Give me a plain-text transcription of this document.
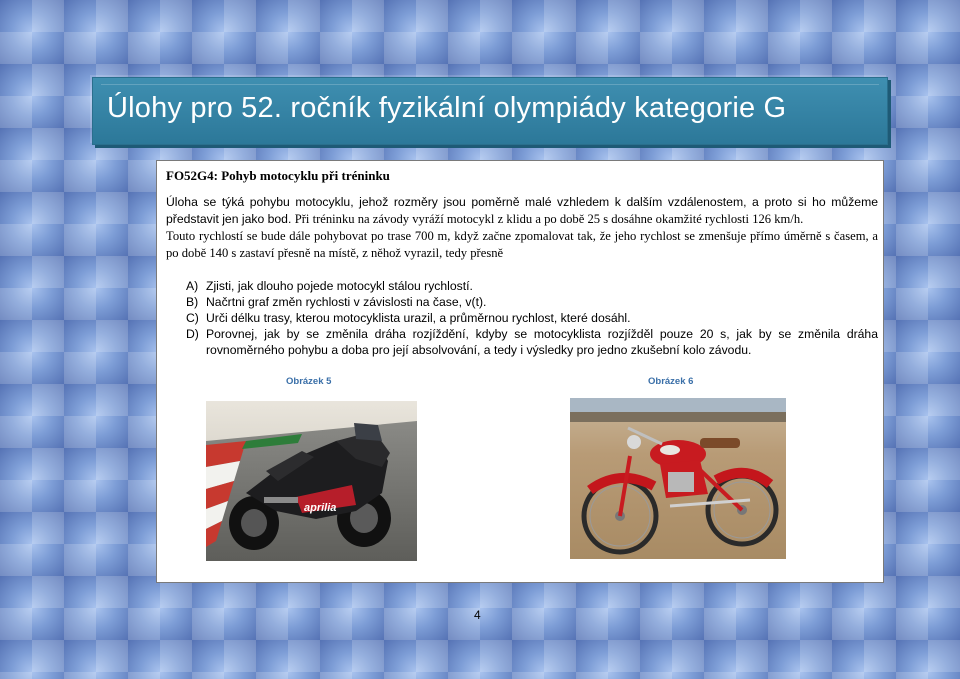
Úlohy pro 52. ročník fyzikální olympiády kategorie G

FO52G4: Pohyb motocyklu při tréninku

Úloha se týká pohybu motocyklu, jehož rozměry jsou poměrně malé vzhledem k dalším vzdálenostem, a proto si ho můžeme představit jen jako bod. Při tréninku na závody vyráží motocykl z klidu a po době 25 s dosáhne okamžité rychlosti 126 km/h.

Touto rychlostí se bude dále pohybovat po trase 700 m, když začne zpomalovat tak, že jeho rychlost se zmenšuje přímo úměrně s časem, a po době 140 s zastaví přesně na místě, z něhož vyrazil, tedy přesně

A) Zjisti, jak dlouho pojede motocykl stálou rychlostí.
B) Načrtni graf změn rychlosti v závislosti na čase, v(t).
C) Urči délku trasy, kterou motocyklista urazil, a průměrnou rychlost, které dosáhl.
D) Porovnej, jak by se změnila dráha rozjíždění, kdyby se motocyklista rozjížděl pouze 20 s, jak by se změnila dráha rovnoměrného pohybu a doba pro její absolvování, a tedy i výsledky pro jedno zkušební kolo závodu.

Obrázek 5	Obrázek 6

aprilia
4
